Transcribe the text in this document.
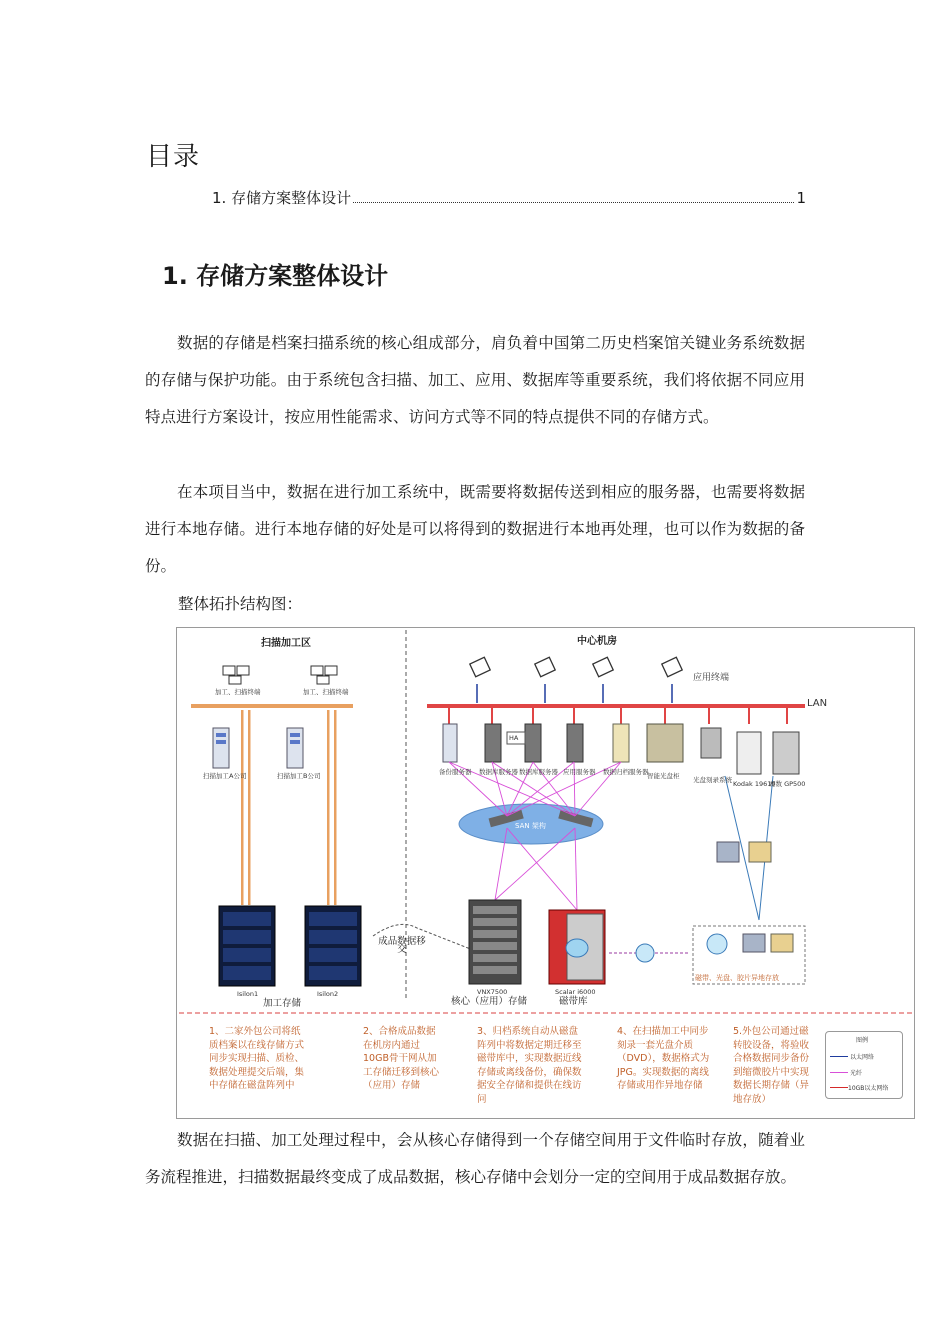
目录
1. 存储方案整体设计	1
1. 存储方案整体设计

数据的存储是档案扫描系统的核心组成部分，肩负着中国第二历史档案馆关键业务系统数据的存储与保护功能。由于系统包含扫描、加工、应用、数据库等重要系统，我们将依据不同应用特点进行方案设计，按应用性能需求、访问方式等不同的特点提供不同的存储方式。

在本项目当中，数据在进行加工系统中，既需要将数据传送到相应的服务器，也需要将数据进行本地存储。进行本地存储的好处是可以将得到的数据进行本地再处理，也可以作为数据的备份。

整体拓扑结构图：
扫描加工区	中心机房
加工、扫描终端	加工、扫描终端
扫描加工A公司	扫描加工B公司
应用终端
LAN
HA
备份服务器 数据库服务器 数据库服务器 应用服务器 数据归档服务器
智能光盘柜 光盘刻录系统 Kodak 19610
赛数 GP500
SAN 架构
Isilon1	Isilon2
加工存储
成品数据移交
VNX7500
核心（应用）存储
Scalar i6000
磁带库
磁带、光盘、胶片异地存放
1、二家外包公司将纸质档案以在线存储方式同步实现扫描、质检、数据处理提交后端，集中存储在磁盘阵列中
2、合格成品数据在机房内通过10GB骨干网从加工存储迁移到核心（应用）存储
3、归档系统自动从磁盘阵列中将数据定期迁移至磁带库中，实现数据近线存储或离线备份，确保数据安全存储和提供在线访问
4、在扫描加工中同步刻录一套光盘介质（DVD），数据格式为JPG。实现数据的离线存储或用作异地存储
5.外包公司通过磁转胶设备，将验收合格数据同步备份到缩微胶片中实现数据长期存储（异地存放）
图例
以太网络
光纤
10GB以太网络

数据在扫描、加工处理过程中，会从核心存储得到一个存储空间用于文件临时存放，随着业务流程推进，扫描数据最终变成了成品数据，核心存储中会划分一定的空间用于成品数据存放。
